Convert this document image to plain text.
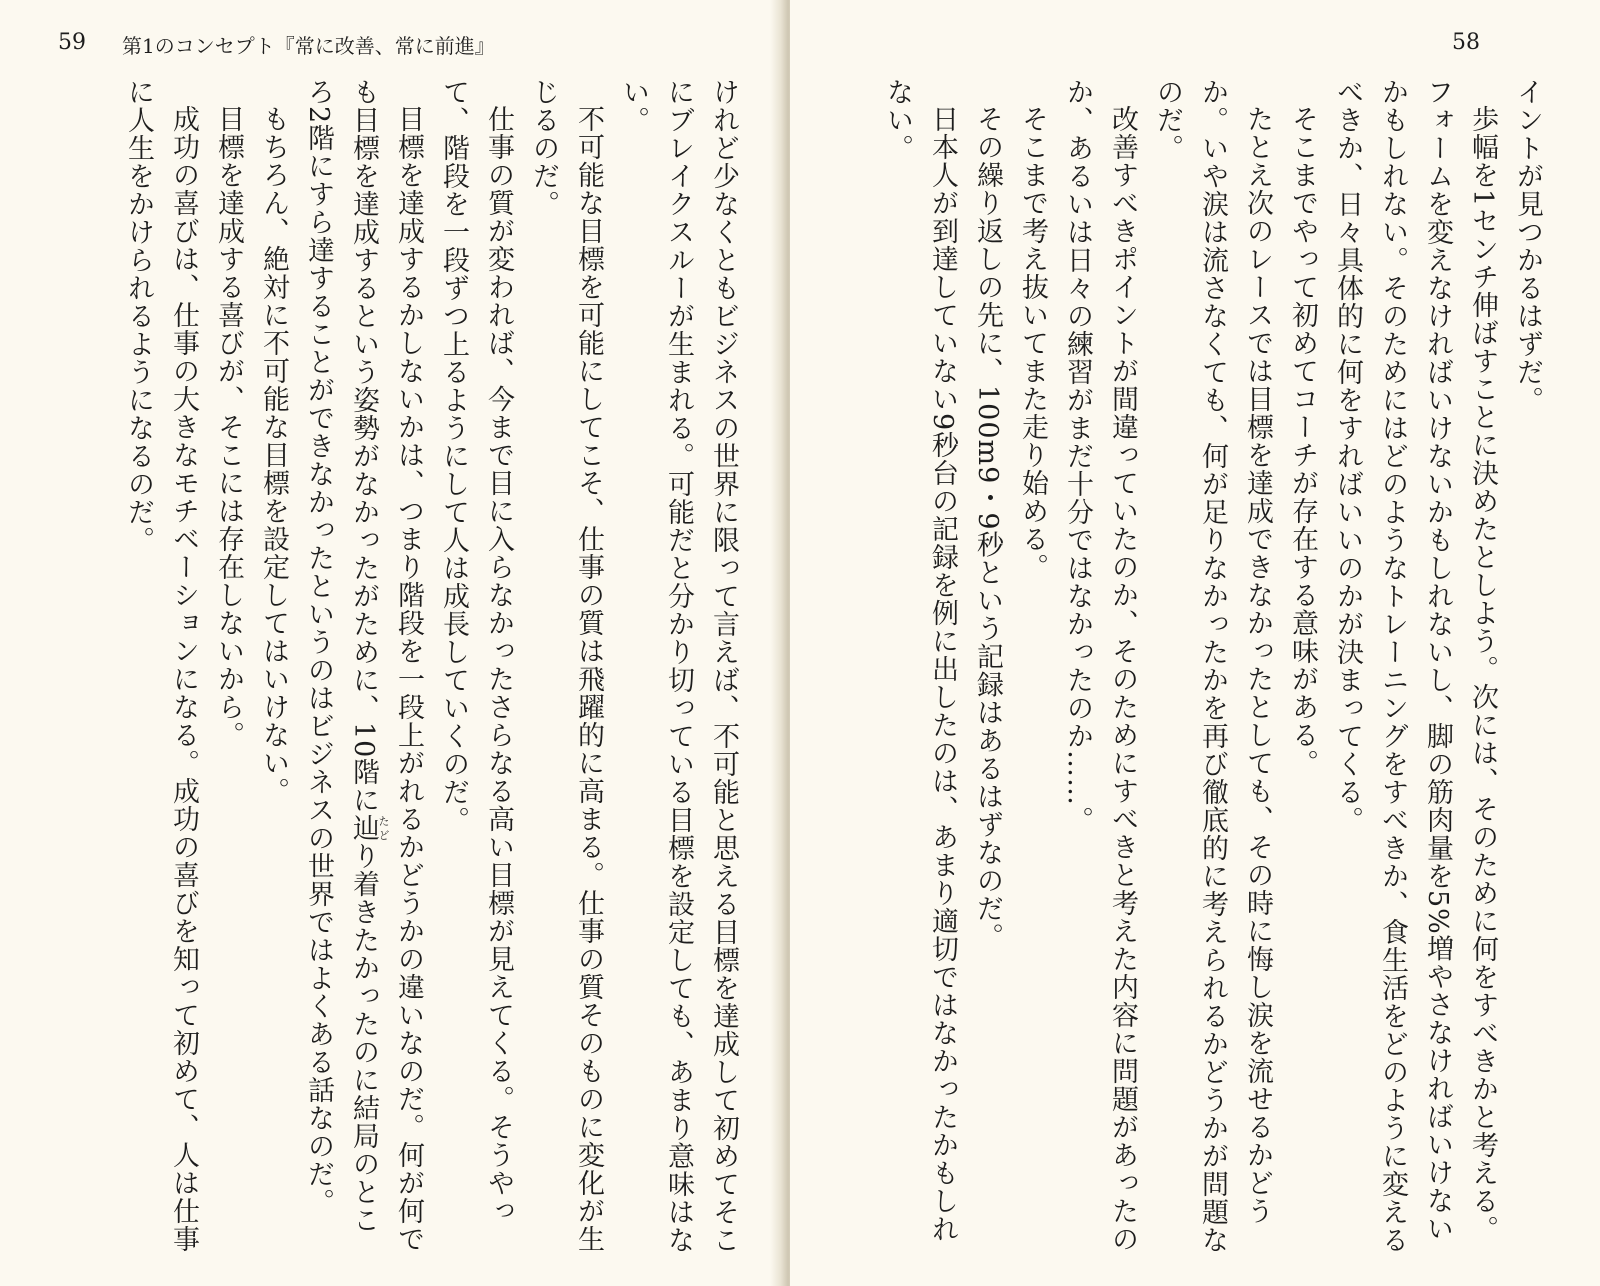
59 第1のコンセプト『常に改善、常に前進』

けれど少なくともビジネスの世界に限って言えば、不可能と思える目標を達成して初めてそこにブレイクスルーが生まれる。可能だと分かり切っている目標を設定しても、あまり意味はない。

不可能な目標を可能にしてこそ、仕事の質は飛躍的に高まる。仕事の質そのものに変化が生じるのだ。

仕事の質が変われば、今まで目に入らなかったさらなる高い目標が見えてくる。そうやって、階段を一段ずつ上るようにして人は成長していくのだ。

目標を達成するかしないかは、つまり階段を一段上がれるかどうかの違いなのだ。何が何でも目標を達成するという姿勢がなかったがために、10階に辿たどり着きたかったのに結局のところ2階にすら達することができなかったというのはビジネスの世界ではよくある話なのだ。

もちろん、絶対に不可能な目標を設定してはいけない。

目標を達成する喜びが、そこには存在しないから。

成功の喜びは、仕事の大きなモチベーションになる。成功の喜びを知って初めて、人は仕事に人生をかけられるようになるのだ。

58

イントが見つかるはずだ。

歩幅を1センチ伸ばすことに決めたとしよう。次には、そのために何をすべきかと考える。フォームを変えなければいけないかもしれないし、脚の筋肉量を5%増やさなければいけないかもしれない。そのためにはどのようなトレーニングをすべきか、食生活をどのように変えるべきか、日々具体的に何をすればいいのかが決まってくる。

そこまでやって初めてコーチが存在する意味がある。

たとえ次のレースでは目標を達成できなかったとしても、その時に悔し涙を流せるかどうか。いや涙は流さなくても、何が足りなかったかを再び徹底的に考えられるかどうかが問題なのだ。

改善すべきポイントが間違っていたのか、そのためにすべきと考えた内容に問題があったのか、あるいは日々の練習がまだ十分ではなかったのか……。

そこまで考え抜いてまた走り始める。

その繰り返しの先に、100m9・9秒という記録はあるはずなのだ。

日本人が到達していない9秒台の記録を例に出したのは、あまり適切ではなかったかもしれない。
